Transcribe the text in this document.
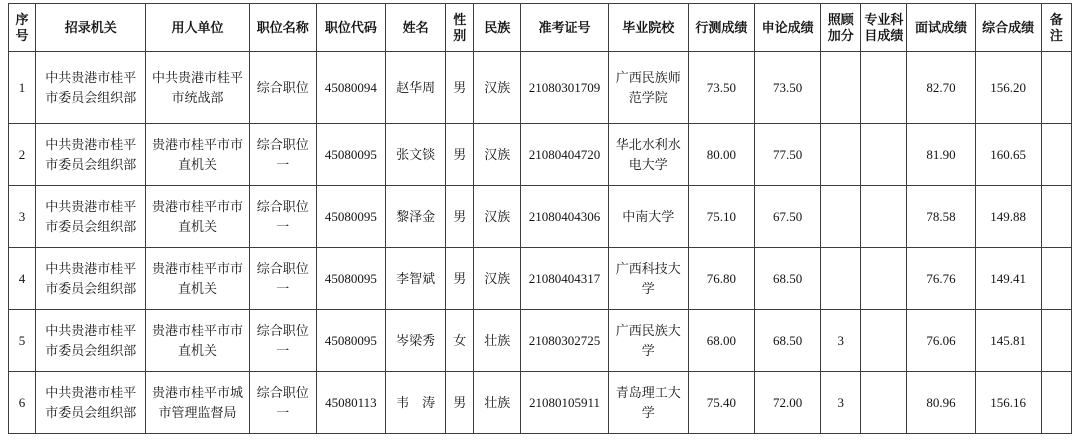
序号	招录机关	用人单位	职位名称	职位代码	姓名	性别	民族	准考证号	毕业院校	行测成绩	申论成绩	照顾加分	专业科目成绩	面试成绩	综合成绩	备注
1	中共贵港市桂平市委员会组织部	中共贵港市桂平市统战部	综合职位	45080094	赵华周	男	汉族	21080301709	广西民族师范学院	73.50	73.50			82.70	156.20	
2	中共贵港市桂平市委员会组织部	贵港市桂平市市直机关	综合职位一	45080095	张文锬	男	汉族	21080404720	华北水利水电大学	80.00	77.50			81.90	160.65	
3	中共贵港市桂平市委员会组织部	贵港市桂平市市直机关	综合职位一	45080095	黎泽金	男	汉族	21080404306	中南大学	75.10	67.50			78.58	149.88	
4	中共贵港市桂平市委员会组织部	贵港市桂平市市直机关	综合职位一	45080095	李智斌	男	汉族	21080404317	广西科技大学	76.80	68.50			76.76	149.41	
5	中共贵港市桂平市委员会组织部	贵港市桂平市市直机关	综合职位一	45080095	岑梁秀	女	壮族	21080302725	广西民族大学	68.00	68.50	3		76.06	145.81	
6	中共贵港市桂平市委员会组织部	贵港市桂平市城市管理监督局	综合职位一	45080113	韦　涛	男	壮族	21080105911	青岛理工大学	75.40	72.00	3		80.96	156.16	
